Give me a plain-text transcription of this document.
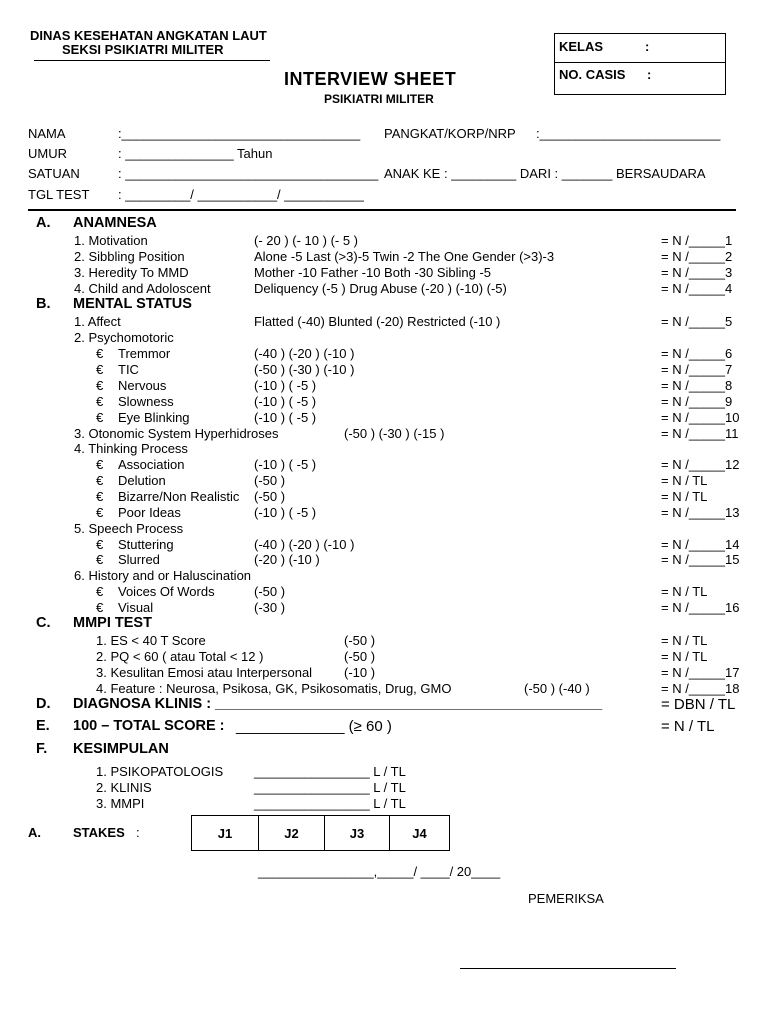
DINAS KESEHATAN ANGKATAN LAUT
SEKSI PSIKIATRI MILITER	KELAS	:
NO. CASIS :
INTERVIEW SHEET
PSIKIATRI MILITER
NAMA	:_________________________________ PANGKAT/KORP/NRP :_________________________
UMUR	: _______________ Tahun
SATUAN	: ___________________________________ ANAK KE : _________ DARI : _______ BERSAUDARA
TGL TEST : _________/ ___________/ ___________
A. ANAMNESA
B. MENTAL STATUS
C. MMPI TEST
D. DIAGNOSA KLINIS : ________________________________________________	= DBN / TL
E. 100 – TOTAL SCORE : _____________ (≥ 60 )	= N / TL
F. KESIMPULAN
1. Motivation	(- 20 ) (- 10 ) (- 5 )	= N /_____1
2. Sibbling Position	Alone -5 Last (>3)-5 Twin -2 The One Gender (>3)-3	= N /_____2
3. Heredity To MMD	Mother -10 Father -10 Both -30 Sibling -5	= N /_____3
4. Child and Adoloscent	Deliquency (-5 ) Drug Abuse (-20 ) (-10) (-5)	= N /_____4
1. Affect	Flatted (-40) Blunted (-20) Restricted (-10 )	= N /_____5
2. Psychomotoric
€ Tremmor	(-40 ) (-20 ) (-10 )	= N /_____6
€ TIC	(-50 ) (-30 ) (-10 )	= N /_____7
€ Nervous	(-10 ) ( -5 )	= N /_____8
€ Slowness	(-10 ) ( -5 )	= N /_____9
€ Eye Blinking	(-10 ) ( -5 )	= N /_____10
3. Otonomic System Hyperhidroses	(-50 ) (-30 ) (-15 )	= N /_____11
4. Thinking Process
€ Association	(-10 ) ( -5 )	= N /_____12
€ Delution	(-50 )	= N / TL
€ Bizarre/Non Realistic (-50 )	= N / TL
€ Poor Ideas	(-10 ) ( -5 )	= N /_____13
5. Speech Process
€ Stuttering	(-40 ) (-20 ) (-10 )	= N /_____14
€ Slurred	(-20 ) (-10 )	= N /_____15
6. History and or Haluscination
€ Voices Of Words	(-50 )	= N / TL
€ Visual	(-30 )	= N /_____16
1. ES < 40 T Score	(-50 )	= N / TL
2. PQ < 60 ( atau Total < 12 )	(-50 )	= N / TL
3. Kesulitan Emosi atau Interpersonal (-10 )	= N /_____17
4. Feature : Neurosa, Psikosa, GK, Psikosomatis, Drug, GMO	(-50 ) (-40 )	= N /_____18
1. PSIKOPATOLOGIS ________________ L / TL
2. KLINIS	________________ L / TL
3. MMPI	________________ L / TL
A. STAKES :	J1	J2	J3	J4
________________,_____/ ____/ 20____
PEMERIKSA
